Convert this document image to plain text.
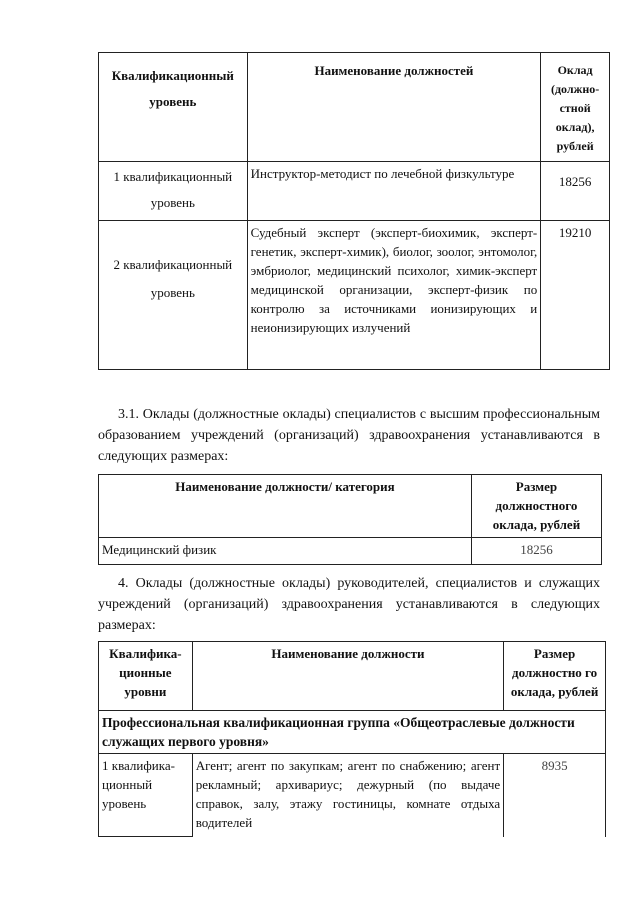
Квалификационный уровень	Наименование должностей	Оклад (должно-стной оклад), рублей

1 квалификационный уровень	Инструктор-методист по лечебной физкультуре	18256

2 квалификационный уровень	Судебный эксперт (эксперт-биохимик, эксперт-генетик, эксперт-химик), биолог, зоолог, энтомолог, эмбриолог, медицинский психолог, химик-эксперт медицинской организации, эксперт-физик по контролю за источниками ионизирующих и неионизирующих излучений	19210
3.1. Оклады (должностные оклады) специалистов с высшим профессиональным образованием учреждений (организаций) здравоохранения устанавливаются в следующих размерах:
Наименование должности/ категория	Размер должностного оклада, рублей

Медицинский физик	18256
4. Оклады (должностные оклады) руководителей, специалистов и служащих учреждений (организаций) здравоохранения устанавливаются в следующих размерах:
Квалифика-ционные уровни	Наименование должности	Размер должностно го оклада, рублей

Профессиональная квалификационная группа «Общеотраслевые должности служащих первого уровня»		

1 квалифика-ционный уровень	Агент; агент по закупкам; агент по снабжению; агент рекламный; архивариус; дежурный (по выдаче справок, залу, этажу гостиницы, комнате отдыха водителей	8935
